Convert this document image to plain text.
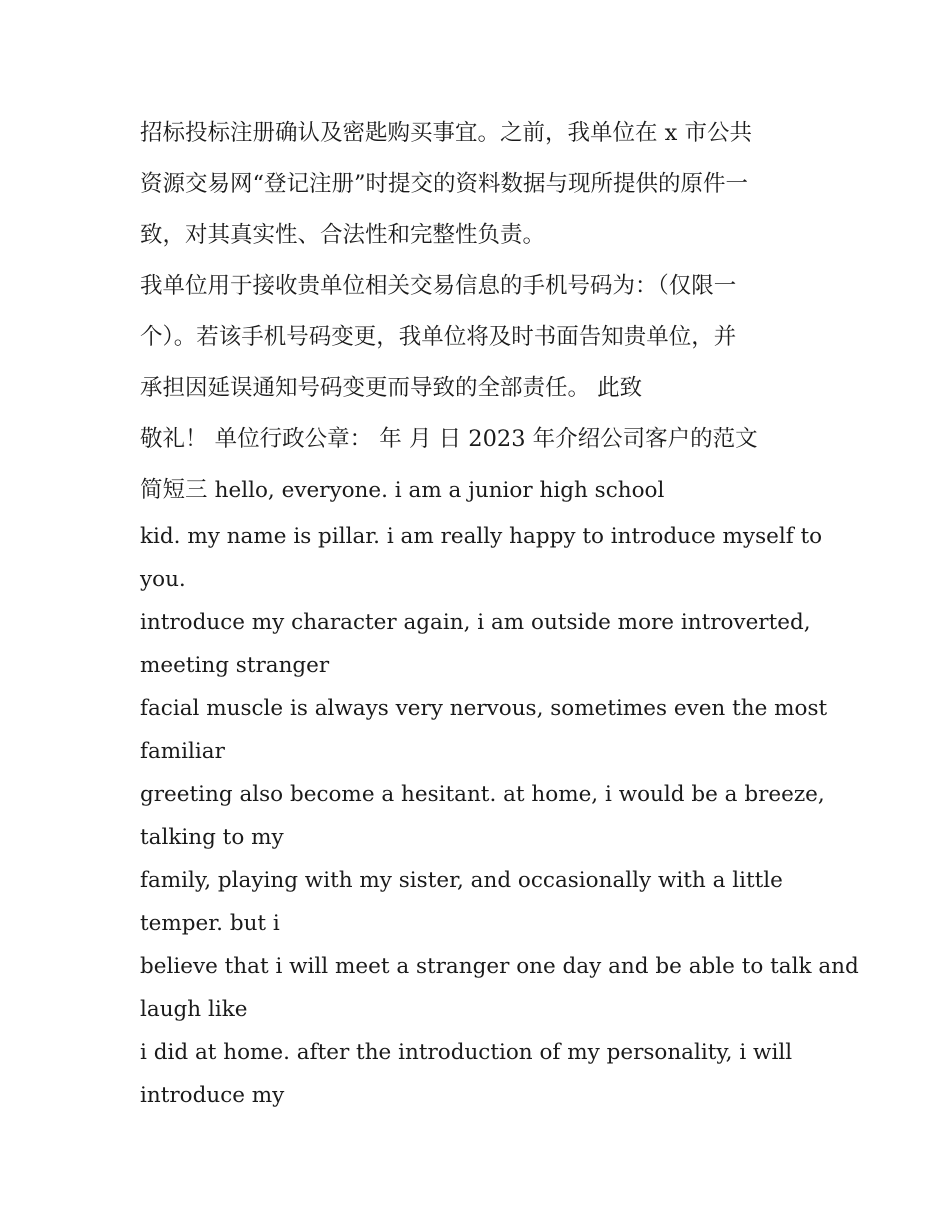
招标投标注册确认及密匙购买事宜。之前，我单位在 x 市公共
资源交易网“登记注册”时提交的资料数据与现所提供的原件一
致，对其真实性、合法性和完整性负责。
我单位用于接收贵单位相关交易信息的手机号码为：（仅限一
个）。若该手机号码变更，我单位将及时书面告知贵单位，并
承担因延误通知号码变更而导致的全部责任。 此致
敬礼！ 单位行政公章： 年 月 日 2023 年介绍公司客户的范文
简短三 hello, everyone. i am a junior high school
kid. my name is pillar. i am really happy to introduce myself to
you.
introduce my character again, i am outside more introverted,
meeting stranger
facial muscle is always very nervous, sometimes even the most
familiar
greeting also become a hesitant. at home, i would be a breeze,
talking to my
family, playing with my sister, and occasionally with a little
temper. but i
believe that i will meet a stranger one day and be able to talk and
laugh like
i did at home. after the introduction of my personality, i will
introduce my
